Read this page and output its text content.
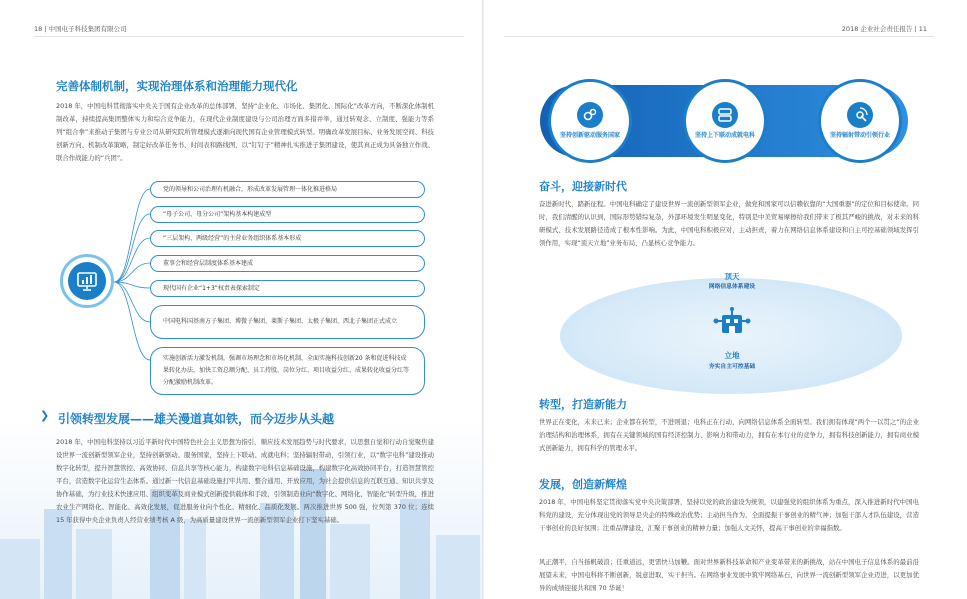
18 | 中国电子科技集团有限公司
完善体制机制，实现治理体系和治理能力现代化
2018 年，中国电科贯彻落实中央关于国有企业改革的总体部署，坚持“企业化、市场化、集团化、国际化”改革方向，不断深化体制机制改革，持续提高集团整体实力和综合竞争能力，在现代企业制度建设与公司治理方面多措并举，通过转观念、立制度、强能力等系列“组合拳”来推动子集团与专业公司从研究院所管理模式逐渐向现代国有企业管理模式转型。明确改革发展目标、业务发展空间、科技创新方向、机制改革策略，制定好改革任务书、时间表和路线图，以“钉钉子”精神扎实推进子集团建设，使其真正成为具备独立作战、联合作战能力的“兵团”。
党的领导和公司治理有机融合，形成改革发展管理一体化推进格局
“母子公司、母分公司”架构基本构建成型
“三层架构、两级经营”的主营业务组织体系基本形成
董事会和经营层制度体系基本建成
现代国有企业“1+3”权责表探索制定
中国电科国基南方子集团、博微子集团、莱斯子集团、太极子集团、西北子集团正式成立
实施创新活力激发机制，强调市场理念和市场化机制，全面实施科技创新20 条和促进科技成果转化办法，加快工资总额分配、员工持股、岗位分红、项目收益分红、成果转化收益分红等分配激励机制改革。
❯ 引领转型发展——雄关漫道真如铁，而今迈步从头越
2018 年，中国电科坚持以习近平新时代中国特色社会主义思想为指引，顺应技术发展趋势与时代要求，以思想自觉和行动自觉聚焦建设世界一流创新型领军企业，坚持创新驱动、服务国家，坚持上下联动、成就电科；坚持辐射带动，引领行业，以“数字电科”建设推动数字化转型，提升智慧管控、高效协同、信息共享等核心能力，构建数字电科信息基础设施，构建数字化高效协同平台，打造智慧管控平台，营造数字化运营生态体系。通过新一代信息基础设施打牢共用、整合通用、开放应用，为社会提供信息的互联互通、知识共享及协作基础，为行业技术快速应用、组织变革及商业模式创新提供载体和手段，引领制造业向“数字化、网络化、智能化”转型升级，推进农业生产网络化、智能化、高效化发展，促进服务业向个性化、精细化、品质化发展。两次推进世界 500 强，位列第 370 位；连续 15 年获得中央企业负责人经营业绩考核 A 级，为高质量建设世界一流创新型领军企业打下坚实基础。
2018 企业社会责任报告 | 11
坚持创新驱动服务国家	坚持上下联动成就电科	坚持辐射带动引领行业
奋斗，迎接新时代
奋进新时代，踏新征程。中国电科确定了建设世界一流创新型领军企业，做党和国家可以信赖依靠的“大国重器”的定位和目标使命。同时，我们清醒的认识到，国际形势错综复杂，外部环境发生明显变化，特别是中美贸易摩擦给我们带来了极其严峻的挑战，对未来的科研模式、技术发展路径造成了根本性影响。为此，中国电科积极应对，主动担责，着力在网络信息体系建设和自主可控基础领域发挥引领作用，实现“顶天立地”业务布局，凸显核心竞争能力。
顶天
网络信息体系建设
立地
夯实自主可控基础
转型，打造新能力
世界正在变化，未来已来；企业都在转型，不进则退；电科正在行动，向网络信息体系全面转型。我们拥有体现“两个一以贯之”的企业治理结构和治理体系，拥有在关键领域的国有经济控制力、影响力和带动力，拥有在本行业的竞争力，拥有科技创新能力，拥有商业模式创新能力，拥有科学的管理水平。
发展，创造新辉煌
2018 年，中国电科坚定贯彻落实党中央决策部署，坚持以党的政治建设为统领，以建强党的组织体系为重点，深入推进新时代中国电科党的建设，充分体现出党的领导是央企的特殊政治优势；主动担当作为，全面提振干事创业的精气神；加强干部人才队伍建设，营造干事创业的良好氛围；注重品牌建设，汇聚干事创业的精神力量；加强人文关怀，提高干事创业的幸福指数。
风正潮平，自当扬帆破浪；任重道远，更需快马加鞭。面对世界新科技革命和产业变革带来的新挑战，站在中国电子信息体系的最前沿展望未来，中国电科将不断创新，锐意进取，实干担当。在网络事业发展中筑牢网络基石，向世界一流创新型领军企业迈进，以更加优异的成绩迎接共和国 70 华诞！
